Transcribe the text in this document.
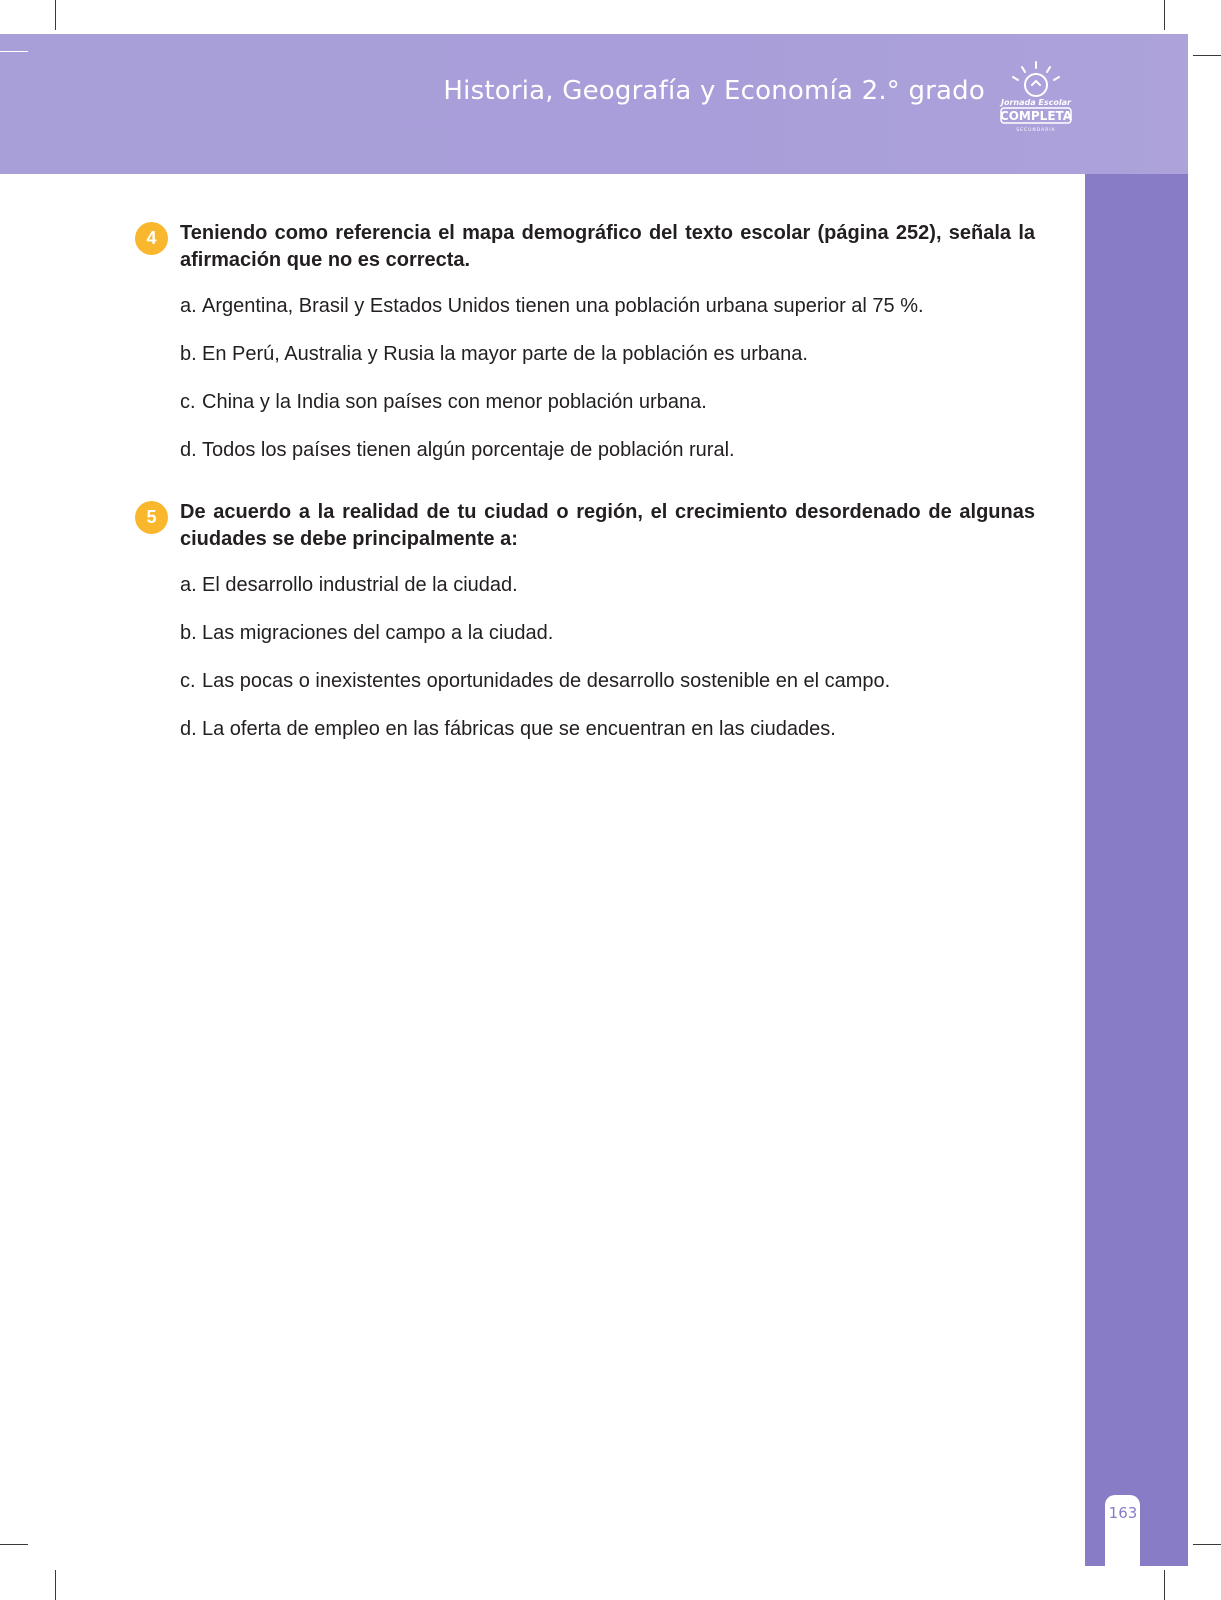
Historia, Geografía y Economía 2.° grado Jornada Escolar
COMPLETA
SECUNDARIA
163
4	Teniendo como referencia el mapa demográfico del texto escolar (página 252), señala la afirmación que no es correcta.
a. Argentina, Brasil y Estados Unidos tienen una población urbana superior al 75 %.
b. En Perú, Australia y Rusia la mayor parte de la población es urbana.
c. China y la India son países con menor población urbana.
d. Todos los países tienen algún porcentaje de población rural.
5	De acuerdo a la realidad de tu ciudad o región, el crecimiento desordenado de algunas ciudades se debe principalmente a:
a. El desarrollo industrial de la ciudad.
b. Las migraciones del campo a la ciudad.
c. Las pocas o inexistentes oportunidades de desarrollo sostenible en el campo.
d. La oferta de empleo en las fábricas que se encuentran en las ciudades.
